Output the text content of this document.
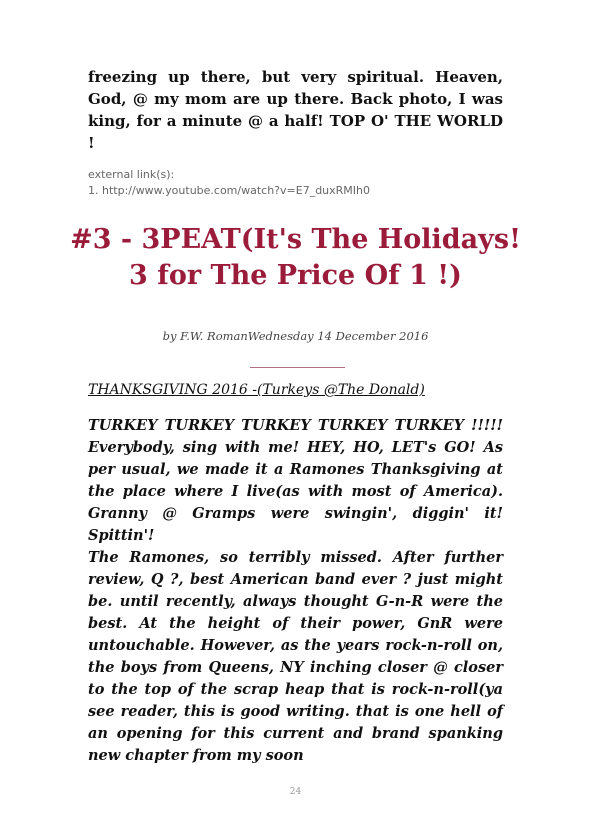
freezing up there, but very spiritual. Heaven, God, @ my mom are up there. Back photo, I was king, for a minute @ a half! TOP O' THE WORLD !
external link(s):
1. http://www.youtube.com/watch?v=E7_duxRMIh0
#3 - 3PEAT(It's The Holidays! 3 for The Price Of 1 !)
by F.W. RomanWednesday 14 December 2016
THANKSGIVING 2016 -(Turkeys @The Donald)

TURKEY TURKEY TURKEY TURKEY TURKEY !!!!! Everybody, sing with me! HEY, HO, LET's GO! As per usual, we made it a Ramones Thanksgiving at the place where I live(as with most of America). Granny @ Gramps were swingin', diggin' it! Spittin'!

The Ramones, so terribly missed. After further review, Q ?, best American band ever ? just might be. until recently, always thought G-n-R were the best. At the height of their power, GnR were untouchable. However, as the years rock-n-roll on, the boys from Queens, NY inching closer @ closer to the top of the scrap heap that is rock-n-roll(ya see reader, this is good writing. that is one hell of an opening for this current and brand spanking new chapter from my soon

24
